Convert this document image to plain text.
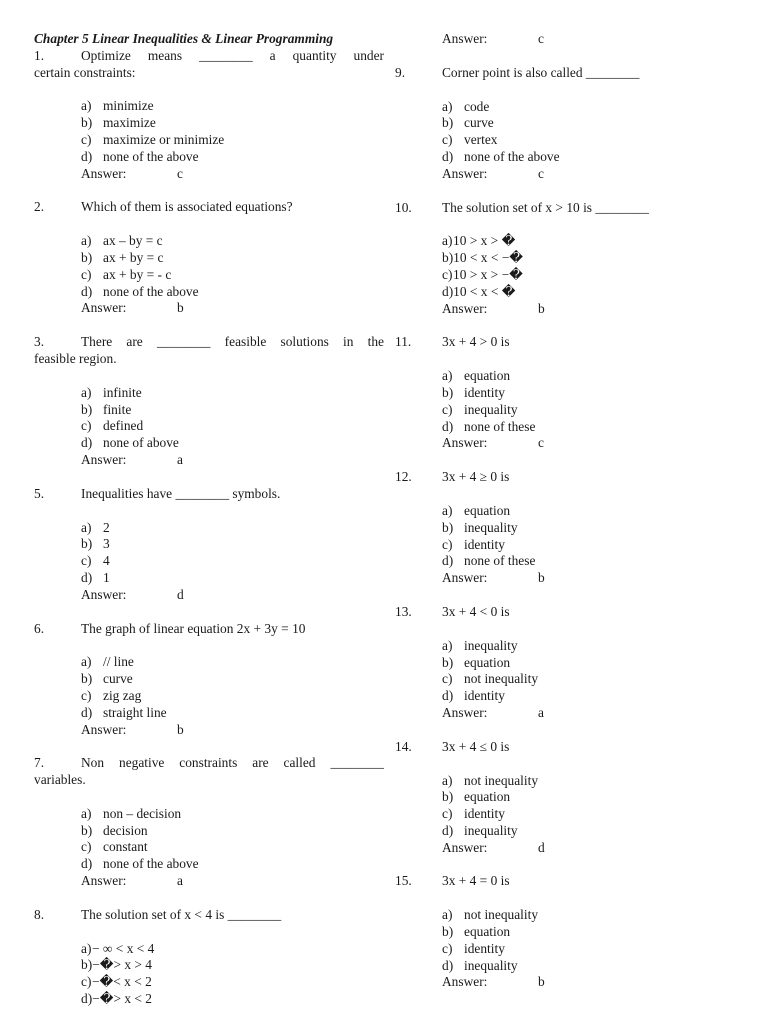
Chapter 5 Linear Inequalities & Linear Programming
1.	Optimize means ________ a quantity under
certain constraints:
a) minimize
b) maximize
c) maximize or minimize
d) none of the above
Answer:	c
2.	Which of them is associated equations?
a) ax – by = c
b) ax + by = c
c) ax + by = - c
d) none of the above
Answer:	b
3.	There are ________ feasible solutions in the
feasible region.
a) infinite
b) finite
c) defined
d) none of above
Answer:	a
5.	Inequalities have ________ symbols.
a) 2
b) 3
c) 4
d) 1
Answer:	d
6.	The graph of linear equation 2x + 3y = 10
a) // line
b) curve
c) zig zag
d) straight line
Answer:	b
7.	Non negative constraints are called ________
variables.
a) non – decision
b) decision
c) constant
d) none of the above
Answer:	a
8.	The solution set of x < 4 is ________
a) − ∞ < x < 4
b) −�> x > 4
c) −�< x < 2
d) −�> x < 2
Answer:	c
9.	Corner point is also called ________
a) code
b) curve
c) vertex
d) none of the above
Answer:	c
10.	The solution set of x > 10 is ________
a) 10 > x > �
b) 10 < x < −�
c) 10 > x > −�
d) 10 < x < �
Answer:	b
11.	3x + 4 > 0 is
a) equation
b) identity
c) inequality
d) none of these
Answer:	c
12.	3x + 4 ≥ 0 is
a) equation
b) inequality
c) identity
d) none of these
Answer:	b
13.	3x + 4 < 0 is
a) inequality
b) equation
c) not inequality
d) identity
Answer:	a
14.	3x + 4 ≤ 0 is
a) not inequality
b) equation
c) identity
d) inequality
Answer:	d
15.	3x + 4 = 0 is
a) not inequality
b) equation
c) identity
d) inequality
Answer:	b
